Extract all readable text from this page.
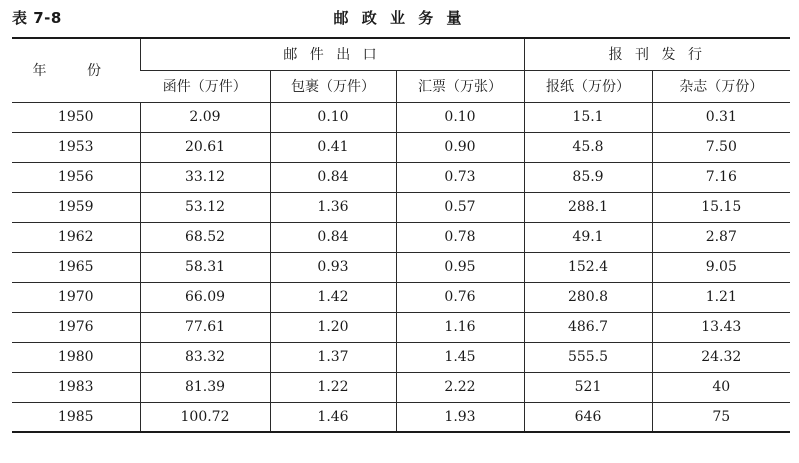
表 7-8	邮 政 业 务 量
年 份	邮 件 出 口			报 刊 发 行	
	函件（万件）	包裹（万件）	汇票（万张）	报纸（万份）	杂志（万份）
1950	2.09	0.10	0.10	15.1	0.31
1953	20.61	0.41	0.90	45.8	7.50
1956	33.12	0.84	0.73	85.9	7.16
1959	53.12	1.36	0.57	288.1	15.15
1962	68.52	0.84	0.78	49.1	2.87
1965	58.31	0.93	0.95	152.4	9.05
1970	66.09	1.42	0.76	280.8	1.21
1976	77.61	1.20	1.16	486.7	13.43
1980	83.32	1.37	1.45	555.5	24.32
1983	81.39	1.22	2.22	521	40
1985	100.72	1.46	1.93	646	75
